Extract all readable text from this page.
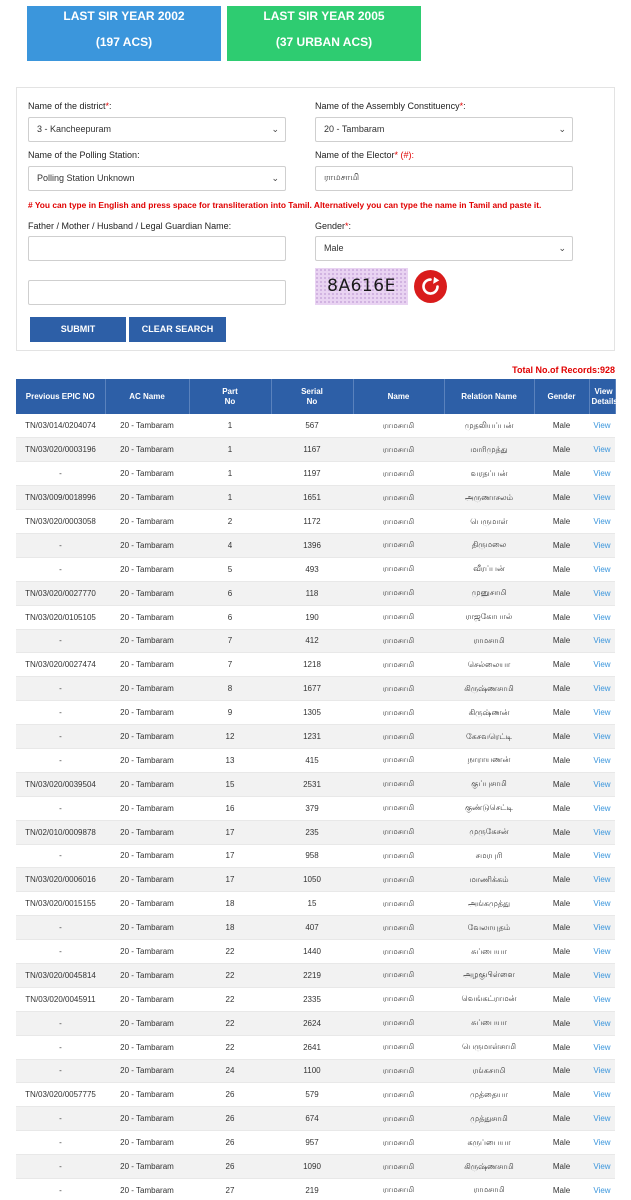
LAST SIR YEAR 2002
(197 ACS)
LAST SIR YEAR 2005
(37 URBAN ACS)
Name of the district*:
3 - Kancheepuram	⌄
Name of the Assembly Constituency*:
20 - Tambaram	⌄
Name of the Polling Station:
Polling Station Unknown	⌄
Name of the Elector* (#):
ராமசாமி
# You can type in English and press space for transliteration into Tamil. Alternatively you can type the name in Tamil and paste it.
Father / Mother / Husband / Legal Guardian Name:	Gender*:
Male	⌄
8A616E
SUBMIT	CLEAR SEARCH
Total No.of Records:928
Previous EPIC NO	AC Name	Part No	Serial No	Name	Relation Name	Gender	View Details
TN/03/014/0204074	20 - Tambaram	1	567	ராமசாமி	முதலியப்பன்	Male	View
TN/03/020/0003196	20 - Tambaram	1	1167	ராமசாமி	மாரிமுத்து	Male	View
-	20 - Tambaram	1	1197	ராமசாமி	வரதப்பன்	Male	View
TN/03/009/0018996	20 - Tambaram	1	1651	ராமசாமி	அருணாசலம்	Male	View
TN/03/020/0003058	20 - Tambaram	2	1172	ராமசாமி	பெருமாள்	Male	View
-	20 - Tambaram	4	1396	ராமசாமி	திருமலை	Male	View
-	20 - Tambaram	5	493	ராமசாமி	வீரப்பன்	Male	View
TN/03/020/0027770	20 - Tambaram	6	118	ராமசாமி	முனுசாமி	Male	View
TN/03/020/0105105	20 - Tambaram	6	190	ராமசாமி	ராஜகோபால்	Male	View
-	20 - Tambaram	7	412	ராமசாமி	ராமசாமி	Male	View
TN/03/020/0027474	20 - Tambaram	7	1218	ராமசாமி	செல்லையா	Male	View
-	20 - Tambaram	8	1677	ராமசாமி	கிருஷ்ணசாமி	Male	View
-	20 - Tambaram	9	1305	ராமசாமி	கிருஷ்ணன்	Male	View
-	20 - Tambaram	12	1231	ராமசாமி	கேசவரெட்டி	Male	View
-	20 - Tambaram	13	415	ராமசாமி	நாராயணன்	Male	View
TN/03/020/0039504	20 - Tambaram	15	2531	ராமசாமி	குப்புசாமி	Male	View
-	20 - Tambaram	16	379	ராமசாமி	குண்டுசெட்டி	Male	View
TN/02/010/0009878	20 - Tambaram	17	235	ராமசாமி	முருகேசன்	Male	View
-	20 - Tambaram	17	958	ராமசாமி	சமரபுரி	Male	View
TN/03/020/0006016	20 - Tambaram	17	1050	ராமசாமி	மாணிக்கம்	Male	View
TN/03/020/0015155	20 - Tambaram	18	15	ராமசாமி	அங்கமுத்து	Male	View
-	20 - Tambaram	18	407	ராமசாமி	வேலாயுதம்	Male	View
-	20 - Tambaram	22	1440	ராமசாமி	சுப்பையா	Male	View
TN/03/020/0045814	20 - Tambaram	22	2219	ராமசாமி	அழகுபிள்ளை	Male	View
TN/03/020/0045911	20 - Tambaram	22	2335	ராமசாமி	வெங்கட்ராமன்	Male	View
-	20 - Tambaram	22	2624	ராமசாமி	சுப்பையா	Male	View
-	20 - Tambaram	22	2641	ராமசாமி	பெருமாள்சாமி	Male	View
-	20 - Tambaram	24	1100	ராமசாமி	ரங்கசாமி	Male	View
TN/03/020/0057775	20 - Tambaram	26	579	ராமசாமி	முத்தையா	Male	View
-	20 - Tambaram	26	674	ராமசாமி	முத்துசாமி	Male	View
-	20 - Tambaram	26	957	ராமசாமி	கருப்பையா	Male	View
-	20 - Tambaram	26	1090	ராமசாமி	கிருஷ்ணசாமி	Male	View
-	20 - Tambaram	27	219	ராமசாமி	ராமசாமி	Male	View
